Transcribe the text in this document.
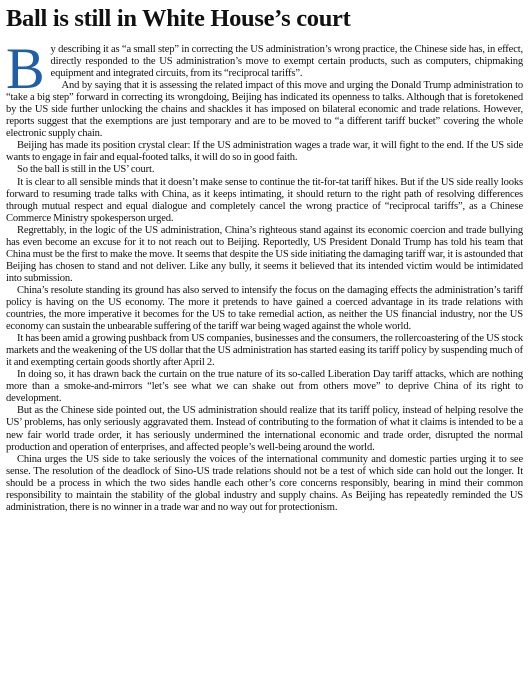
Ball is still in White House’s court

By describing it as “a small step” in correcting the US administration’s wrong practice, the Chinese side has, in effect, directly responded to the US administration’s move to exempt certain products, such as computers, chipmaking equipment and integrated circuits, from its “reciprocal tariffs”.

And by saying that it is assessing the related impact of this move and urging the Donald Trump administration to “take a big step” forward in correcting its wrongdoing, Beijing has indicated its openness to talks. Although that is foretokened by the US side further unlocking the chains and shackles it has imposed on bilateral economic and trade relations. However, reports suggest that the exemptions are just temporary and are to be moved to “a different tariff bucket” covering the whole electronic supply chain.

Beijing has made its position crystal clear: If the US administration wages a trade war, it will fight to the end. If the US side wants to engage in fair and equal-footed talks, it will do so in good faith.

So the ball is still in the US’ court.

It is clear to all sensible minds that it doesn’t make sense to continue the tit-for-tat tariff hikes. But if the US side really looks forward to resuming trade talks with China, as it keeps intimating, it should return to the right path of resolving differences through mutual respect and equal dialogue and completely cancel the wrong practice of “reciprocal tariffs”, as a Chinese Commerce Ministry spokesperson urged.

Regrettably, in the logic of the US administration, China’s righteous stand against its economic coercion and trade bullying has even become an excuse for it to not reach out to Beijing. Reportedly, US President Donald Trump has told his team that China must be the first to make the move. It seems that despite the US side initiating the damaging tariff war, it is astounded that Beijing has chosen to stand and not deliver. Like any bully, it seems it believed that its intended victim would be intimidated into submission.

China’s resolute standing its ground has also served to intensify the focus on the damaging effects the administration’s tariff policy is having on the US economy. The more it pretends to have gained a coerced advantage in its trade relations with countries, the more imperative it becomes for the US to take remedial action, as neither the US financial industry, nor the US economy can sustain the unbearable suffering of the tariff war being waged against the whole world.

It has been amid a growing pushback from US companies, businesses and the consumers, the rollercoastering of the US stock markets and the weakening of the US dollar that the US administration has started easing its tariff policy by suspending much of it and exempting certain goods shortly after April 2.

In doing so, it has drawn back the curtain on the true nature of its so-called Liberation Day tariff attacks, which are nothing more than a smoke-and-mirrors “let’s see what we can shake out from others move” to deprive China of its right to development.

But as the Chinese side pointed out, the US administration should realize that its tariff policy, instead of helping resolve the US’ problems, has only seriously aggravated them. Instead of contributing to the formation of what it claims is intended to be a new fair world trade order, it has seriously undermined the international economic and trade order, disrupted the normal production and operation of enterprises, and affected people’s well-being around the world.

China urges the US side to take seriously the voices of the international community and domestic parties urging it to see sense. The resolution of the deadlock of Sino-US trade relations should not be a test of which side can hold out the longer. It should be a process in which the two sides handle each other’s core concerns responsibly, bearing in mind their common responsibility to maintain the stability of the global industry and supply chains. As Beijing has repeatedly reminded the US administration, there is no winner in a trade war and no way out for protectionism.
